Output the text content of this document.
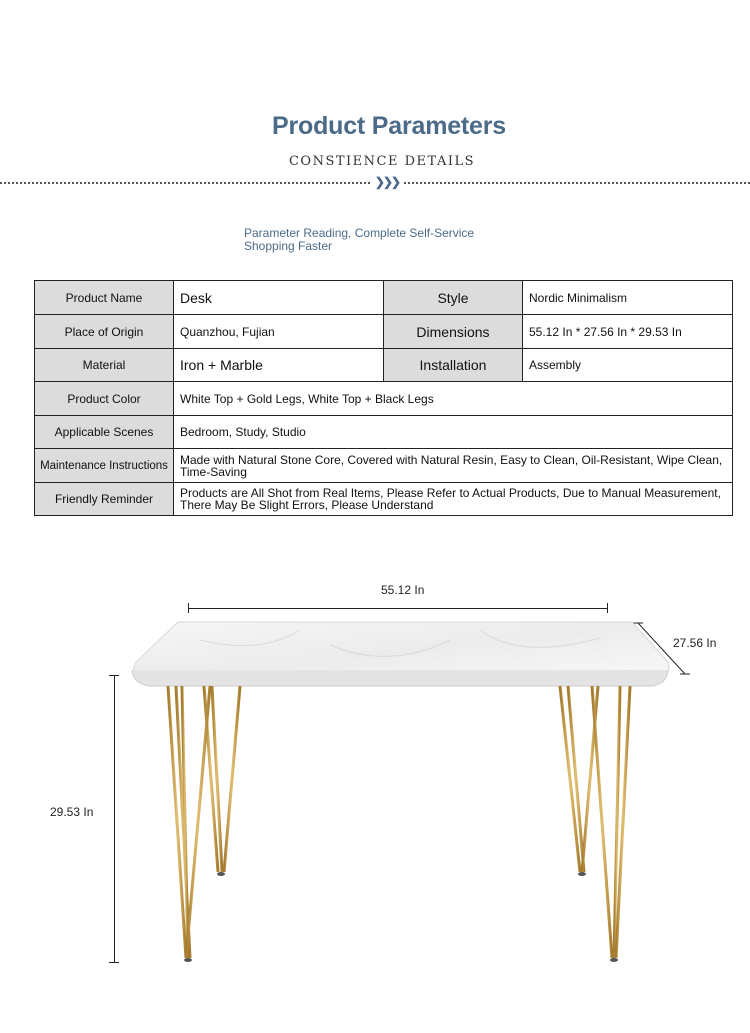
Product Parameters
CONSTIENCE DETAILS
❯❯❯
Parameter Reading, Complete Self-Service Shopping Faster
Product Name	Desk	Style	Nordic Minimalism
Place of Origin	Quanzhou, Fujian	Dimensions	55.12 In * 27.56 In * 29.53 In
Material	Iron + Marble	Installation	Assembly
Product Color	White Top + Gold Legs, White Top + Black Legs		
Applicable Scenes	Bedroom, Study, Studio		
Maintenance Instructions	Made with Natural Stone Core, Covered with Natural Resin, Easy to Clean, Oil-Resistant, Wipe Clean, Time-Saving		
Friendly Reminder	Products are All Shot from Real Items, Please Refer to Actual Products, Due to Manual Measurement, There May Be Slight Errors, Please Understand		
55.12 In
27.56 In
29.53 In
